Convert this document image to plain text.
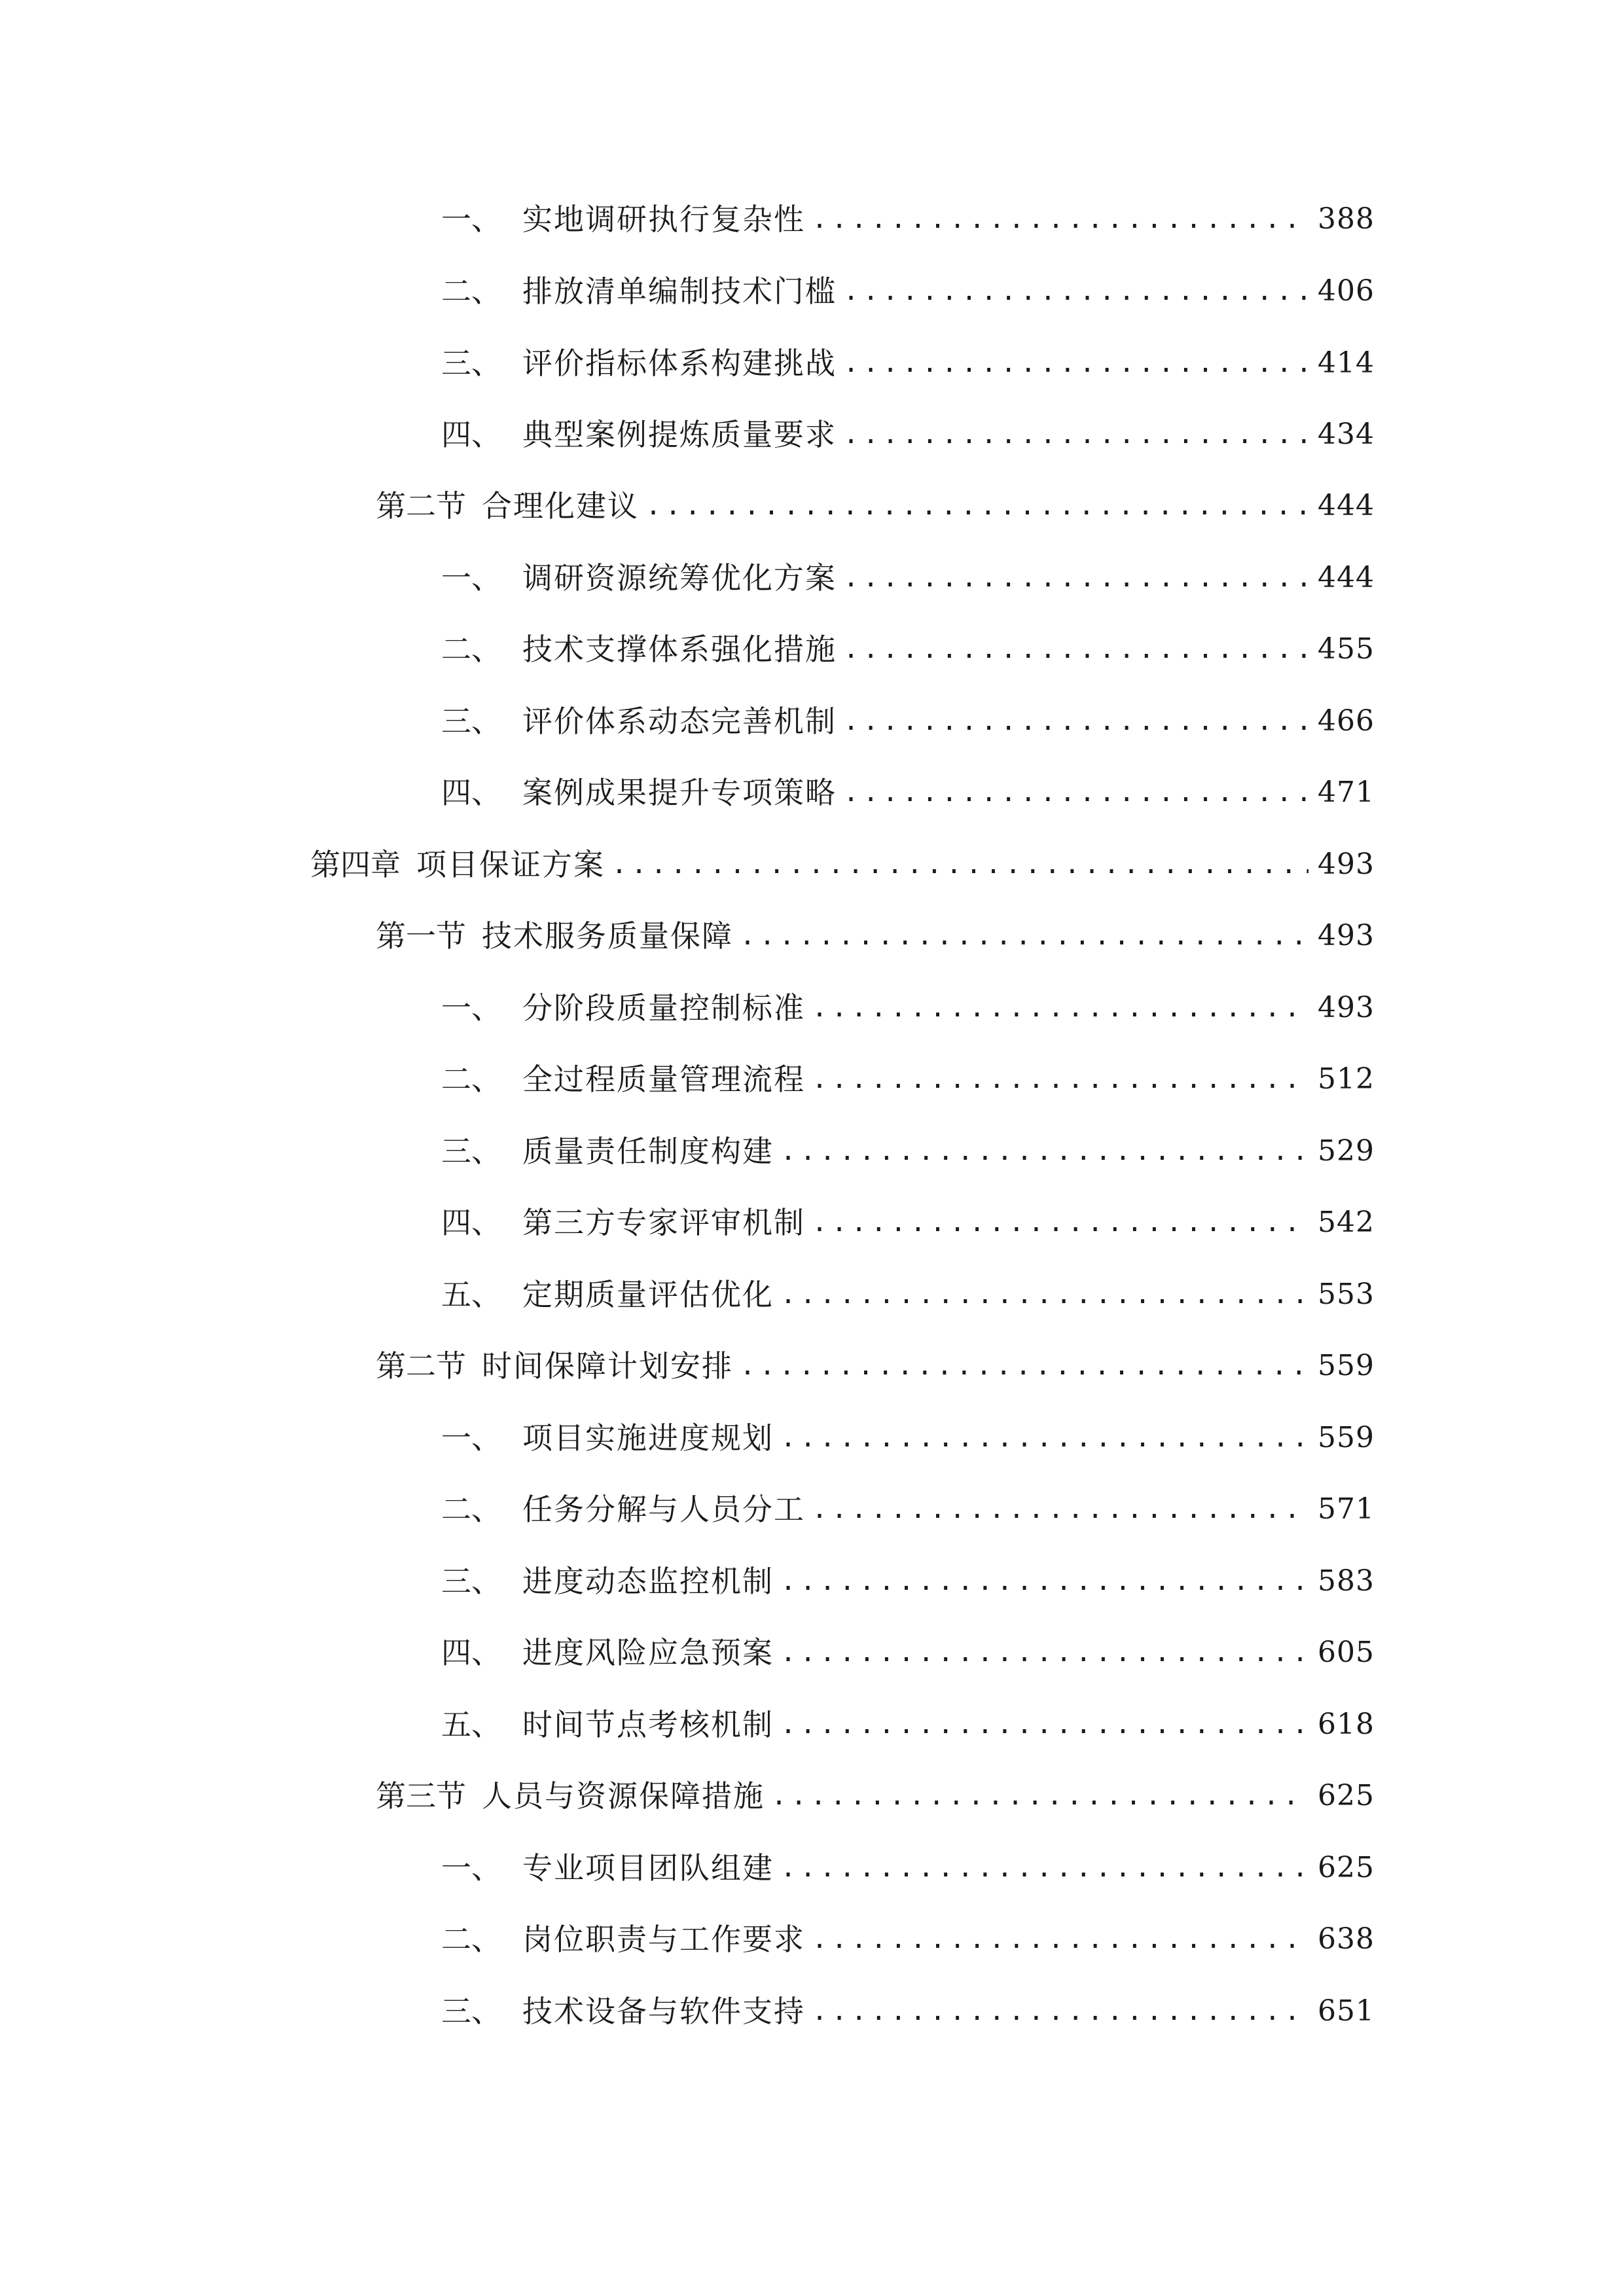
一、 实地调研执行复杂性 .....	388
二、 排放清单编制技术门槛 .....	406
三、 评价指标体系构建挑战 .....	414
四、 典型案例提炼质量要求 .....	434
第二节 合理化建议 .....	444
一、 调研资源统筹优化方案 .....	444
二、 技术支撑体系强化措施 .....	455
三、 评价体系动态完善机制 .....	466
四、 案例成果提升专项策略 .....	471
第四章 项目保证方案 .....	493
第一节 技术服务质量保障 .....	493
一、 分阶段质量控制标准 .....	493
二、 全过程质量管理流程 .....	512
三、 质量责任制度构建 .....	529
四、 第三方专家评审机制 .....	542
五、 定期质量评估优化 .....	553
第二节 时间保障计划安排 .....	559
一、 项目实施进度规划 .....	559
二、 任务分解与人员分工 .....	571
三、 进度动态监控机制 .....	583
四、 进度风险应急预案 .....	605
五、 时间节点考核机制 .....	618
第三节 人员与资源保障措施 .....	625
一、 专业项目团队组建 .....	625
二、 岗位职责与工作要求 .....	638
三、 技术设备与软件支持 .....	651
